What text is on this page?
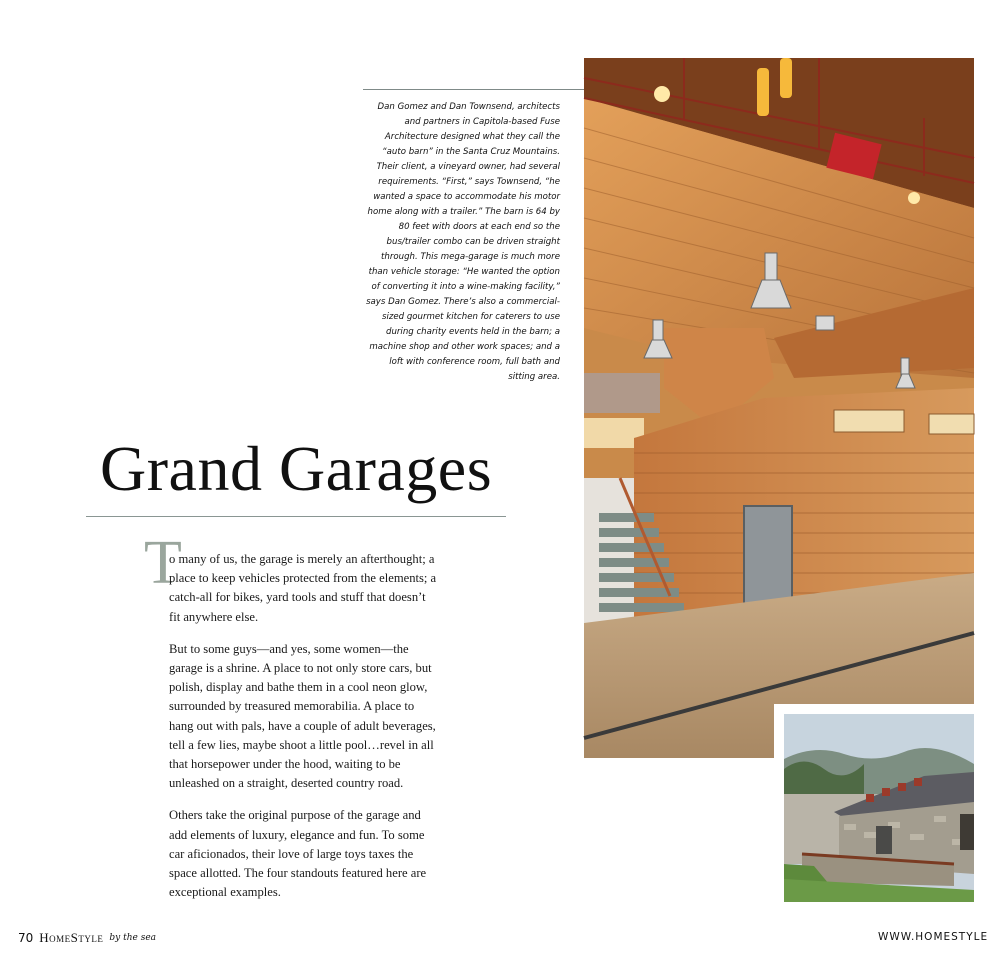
Dan Gomez and Dan Townsend, architects and partners in Capitola-based Fuse Architecture designed what they call the “auto barn” in the Santa Cruz Mountains. Their client, a vineyard owner, had several requirements. “First,” says Townsend, “he wanted a space to accommodate his motor home along with a trailer.” The barn is 64 by 80 feet with doors at each end so the bus/trailer combo can be driven straight through. This mega-garage is much more than vehicle storage: “He wanted the option of converting it into a wine-making facility,” says Dan Gomez. There’s also a commercial-sized gourmet kitchen for caterers to use during charity events held in the barn; a machine shop and other work spaces; and a loft with conference room, full bath and sitting area.
Grand Garages
T

o many of us, the garage is merely an afterthought; a place to keep vehicles protected from the elements; a catch-all for bikes, yard tools and stuff that doesn’t fit anywhere else.

But to some guys—and yes, some women—the garage is a shrine. A place to not only store cars, but polish, display and bathe them in a cool neon glow, surrounded by treasured memorabilia. A place to hang out with pals, have a couple of adult beverages, tell a few lies, maybe shoot a little pool…revel in all that horsepower under the hood, waiting to be unleashed on a straight, deserted country road.

Others take the original purpose of the garage and add elements of luxury, elegance and fun. To some car aficionados, their love of large toys taxes the space allotted. The four standouts featured here are exceptional examples.

70 HomeStyle by the sea	WWW.HOMESTYLE
